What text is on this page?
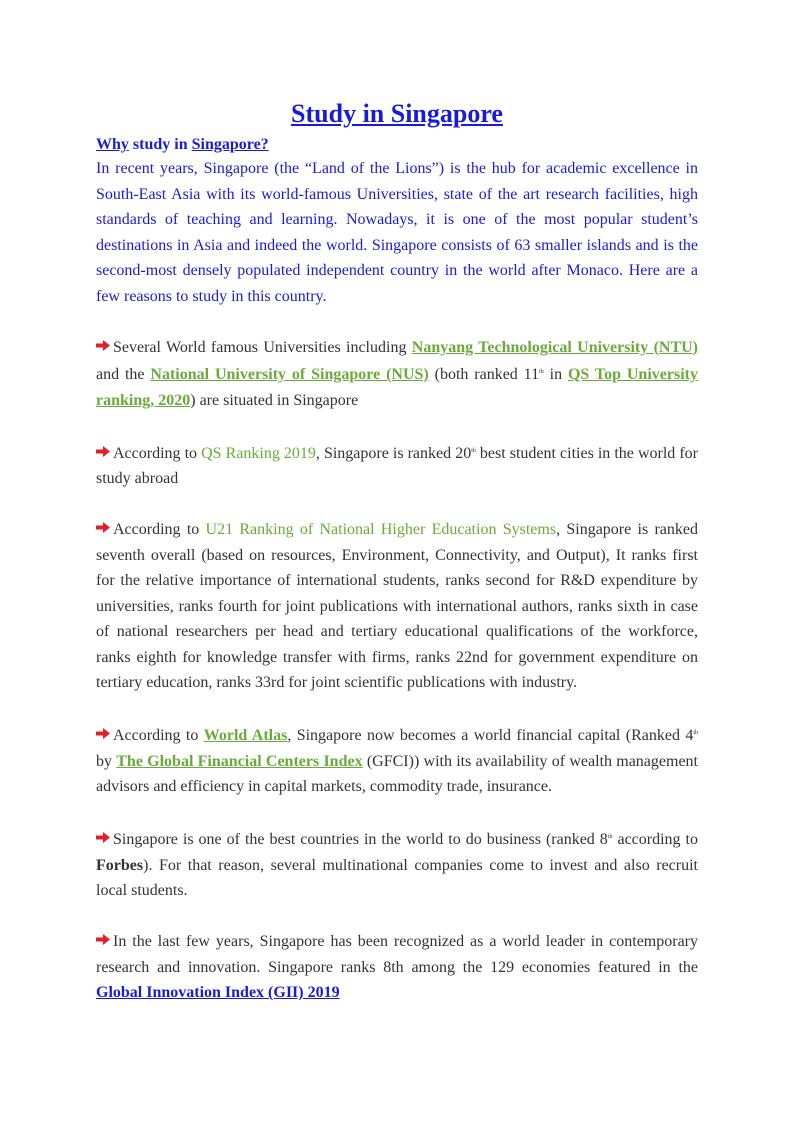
Study in Singapore
Why study in Singapore?

In recent years, Singapore (the “Land of the Lions”) is the hub for academic excellence in South-East Asia with its world-famous Universities, state of the art research facilities, high standards of teaching and learning. Nowadays, it is one of the most popular student’s destinations in Asia and indeed the world. Singapore consists of 63 smaller islands and is the second-most densely populated independent country in the world after Monaco. Here are a few reasons to study in this country.

Several World famous Universities including Nanyang Technological University (NTU) and the National University of Singapore (NUS) (both ranked 11th in QS Top University ranking, 2020) are situated in Singapore

According to QS Ranking 2019, Singapore is ranked 20th best student cities in the world for study abroad

According to U21 Ranking of National Higher Education Systems, Singapore is ranked seventh overall (based on resources, Environment, Connectivity, and Output), It ranks first for the relative importance of international students, ranks second for R&D expenditure by universities, ranks fourth for joint publications with international authors, ranks sixth in case of national researchers per head and tertiary educational qualifications of the workforce, ranks eighth for knowledge transfer with firms, ranks 22nd for government expenditure on tertiary education, ranks 33rd for joint scientific publications with industry.

According to World Atlas, Singapore now becomes a world financial capital (Ranked 4th by The Global Financial Centers Index (GFCI)) with its availability of wealth management advisors and efficiency in capital markets, commodity trade, insurance.

Singapore is one of the best countries in the world to do business (ranked 8th according to Forbes). For that reason, several multinational companies come to invest and also recruit local students.

In the last few years, Singapore has been recognized as a world leader in contemporary research and innovation. Singapore ranks 8th among the 129 economies featured in the Global Innovation Index (GII) 2019
